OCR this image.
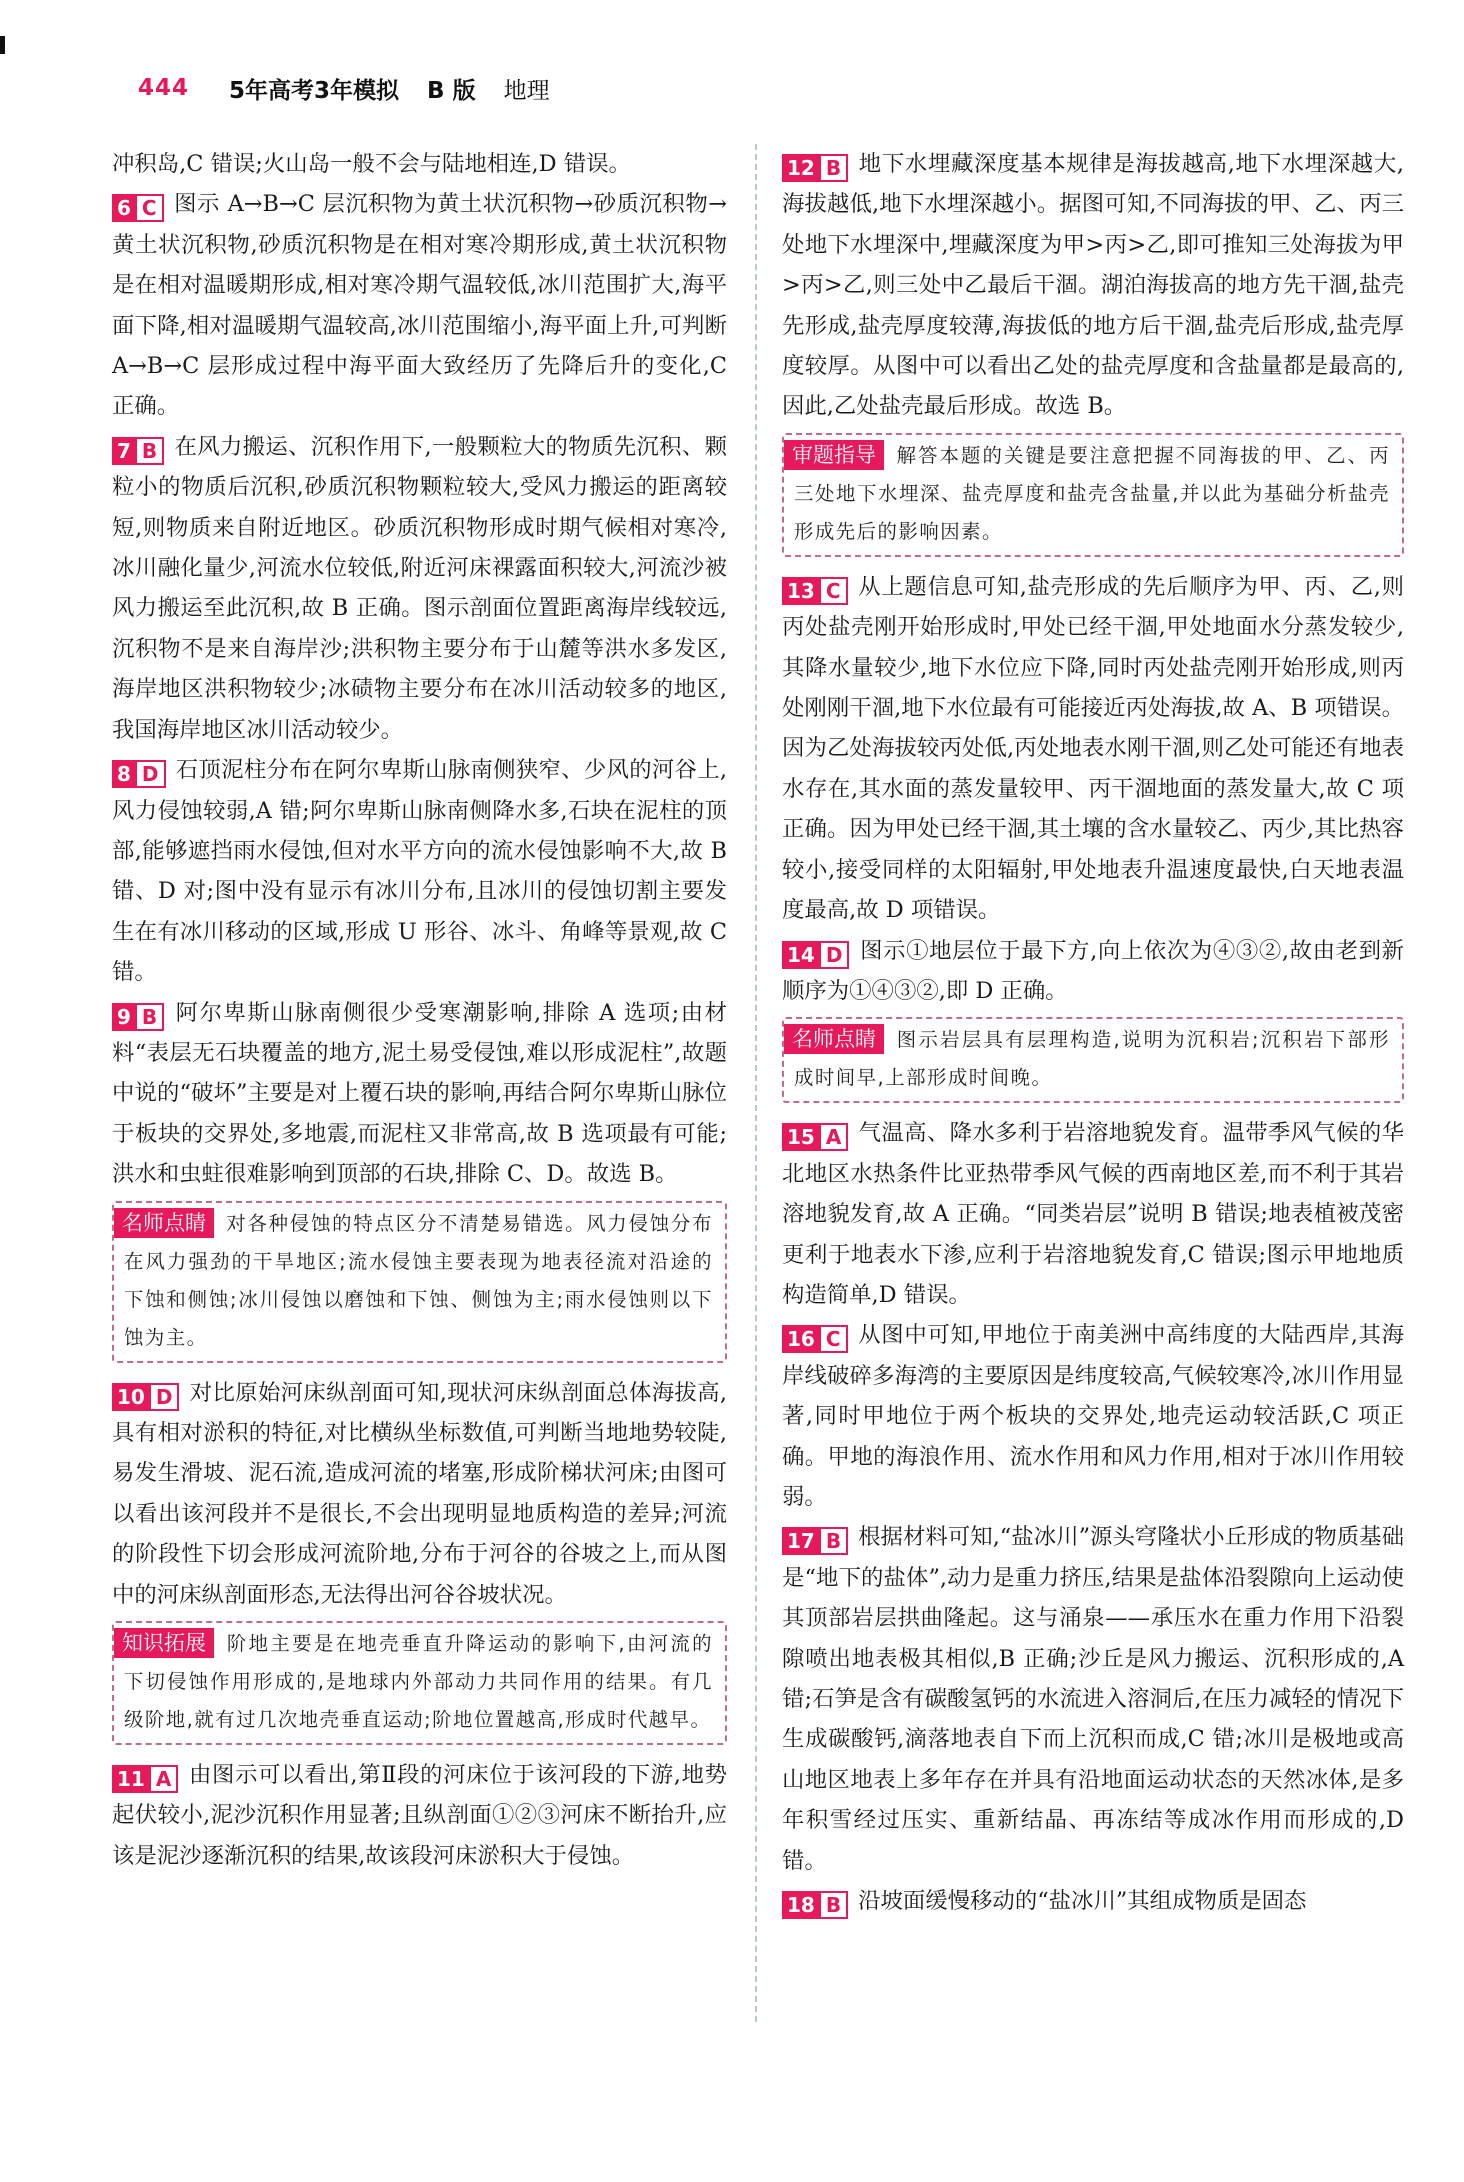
444 5年高考3年模拟 B 版 地理
冲积岛,C 错误;火山岛一般不会与陆地相连,D 错误。
6 C 图示 A→B→C 层沉积物为黄土状沉积物→砂质沉积物→黄土状沉积物,砂质沉积物是在相对寒冷期形成,黄土状沉积物是在相对温暖期形成,相对寒冷期气温较低,冰川范围扩大,海平面下降,相对温暖期气温较高,冰川范围缩小,海平面上升,可判断 A→B→C 层形成过程中海平面大致经历了先降后升的变化,C 正确。
7 B 在风力搬运、沉积作用下,一般颗粒大的物质先沉积、颗粒小的物质后沉积,砂质沉积物颗粒较大,受风力搬运的距离较短,则物质来自附近地区。砂质沉积物形成时期气候相对寒冷,冰川融化量少,河流水位较低,附近河床裸露面积较大,河流沙被风力搬运至此沉积,故 B 正确。图示剖面位置距离海岸线较远,沉积物不是来自海岸沙;洪积物主要分布于山麓等洪水多发区,海岸地区洪积物较少;冰碛物主要分布在冰川活动较多的地区,我国海岸地区冰川活动较少。
8 D 石顶泥柱分布在阿尔卑斯山脉南侧狭窄、少风的河谷上,风力侵蚀较弱,A 错;阿尔卑斯山脉南侧降水多,石块在泥柱的顶部,能够遮挡雨水侵蚀,但对水平方向的流水侵蚀影响不大,故 B 错、D 对;图中没有显示有冰川分布,且冰川的侵蚀切割主要发生在有冰川移动的区域,形成 U 形谷、冰斗、角峰等景观,故 C 错。
9 B 阿尔卑斯山脉南侧很少受寒潮影响,排除 A 选项;由材料“表层无石块覆盖的地方,泥土易受侵蚀,难以形成泥柱”,故题中说的“破坏”主要是对上覆石块的影响,再结合阿尔卑斯山脉位于板块的交界处,多地震,而泥柱又非常高,故 B 选项最有可能;洪水和虫蛀很难影响到顶部的石块,排除 C、D。故选 B。
名师点睛 对各种侵蚀的特点区分不清楚易错选。风力侵蚀分布在风力强劲的干旱地区;流水侵蚀主要表现为地表径流对沿途的下蚀和侧蚀;冰川侵蚀以磨蚀和下蚀、侧蚀为主;雨水侵蚀则以下蚀为主。
10 D 对比原始河床纵剖面可知,现状河床纵剖面总体海拔高,具有相对淤积的特征,对比横纵坐标数值,可判断当地地势较陡,易发生滑坡、泥石流,造成河流的堵塞,形成阶梯状河床;由图可以看出该河段并不是很长,不会出现明显地质构造的差异;河流的阶段性下切会形成河流阶地,分布于河谷的谷坡之上,而从图中的河床纵剖面形态,无法得出河谷谷坡状况。
知识拓展 阶地主要是在地壳垂直升降运动的影响下,由河流的下切侵蚀作用形成的,是地球内外部动力共同作用的结果。有几级阶地,就有过几次地壳垂直运动;阶地位置越高,形成时代越早。
11 A 由图示可以看出,第Ⅱ段的河床位于该河段的下游,地势起伏较小,泥沙沉积作用显著;且纵剖面①②③河床不断抬升,应该是泥沙逐渐沉积的结果,故该段河床淤积大于侵蚀。
12 B 地下水埋藏深度基本规律是海拔越高,地下水埋深越大,海拔越低,地下水埋深越小。据图可知,不同海拔的甲、乙、丙三处地下水埋深中,埋藏深度为甲>丙>乙,即可推知三处海拔为甲>丙>乙,则三处中乙最后干涸。湖泊海拔高的地方先干涸,盐壳先形成,盐壳厚度较薄,海拔低的地方后干涸,盐壳后形成,盐壳厚度较厚。从图中可以看出乙处的盐壳厚度和含盐量都是最高的,因此,乙处盐壳最后形成。故选 B。
审题指导 解答本题的关键是要注意把握不同海拔的甲、乙、丙三处地下水埋深、盐壳厚度和盐壳含盐量,并以此为基础分析盐壳形成先后的影响因素。
13 C 从上题信息可知,盐壳形成的先后顺序为甲、丙、乙,则丙处盐壳刚开始形成时,甲处已经干涸,甲处地面水分蒸发较少,其降水量较少,地下水位应下降,同时丙处盐壳刚开始形成,则丙处刚刚干涸,地下水位最有可能接近丙处海拔,故 A、B 项错误。因为乙处海拔较丙处低,丙处地表水刚干涸,则乙处可能还有地表水存在,其水面的蒸发量较甲、丙干涸地面的蒸发量大,故 C 项正确。因为甲处已经干涸,其土壤的含水量较乙、丙少,其比热容较小,接受同样的太阳辐射,甲处地表升温速度最快,白天地表温度最高,故 D 项错误。
14 D 图示①地层位于最下方,向上依次为④③②,故由老到新顺序为①④③②,即 D 正确。
名师点睛 图示岩层具有层理构造,说明为沉积岩;沉积岩下部形成时间早,上部形成时间晚。
15 A 气温高、降水多利于岩溶地貌发育。温带季风气候的华北地区水热条件比亚热带季风气候的西南地区差,而不利于其岩溶地貌发育,故 A 正确。“同类岩层”说明 B 错误;地表植被茂密更利于地表水下渗,应利于岩溶地貌发育,C 错误;图示甲地地质构造简单,D 错误。
16 C 从图中可知,甲地位于南美洲中高纬度的大陆西岸,其海岸线破碎多海湾的主要原因是纬度较高,气候较寒冷,冰川作用显著,同时甲地位于两个板块的交界处,地壳运动较活跃,C 项正确。甲地的海浪作用、流水作用和风力作用,相对于冰川作用较弱。
17 B 根据材料可知,“盐冰川”源头穹隆状小丘形成的物质基础是“地下的盐体”,动力是重力挤压,结果是盐体沿裂隙向上运动使其顶部岩层拱曲隆起。这与涌泉——承压水在重力作用下沿裂隙喷出地表极其相似,B 正确;沙丘是风力搬运、沉积形成的,A 错;石笋是含有碳酸氢钙的水流进入溶洞后,在压力减轻的情况下生成碳酸钙,滴落地表自下而上沉积而成,C 错;冰川是极地或高山地区地表上多年存在并具有沿地面运动状态的天然冰体,是多年积雪经过压实、重新结晶、再冻结等成冰作用而形成的,D 错。
18 B 沿坡面缓慢移动的“盐冰川”其组成物质是固态
